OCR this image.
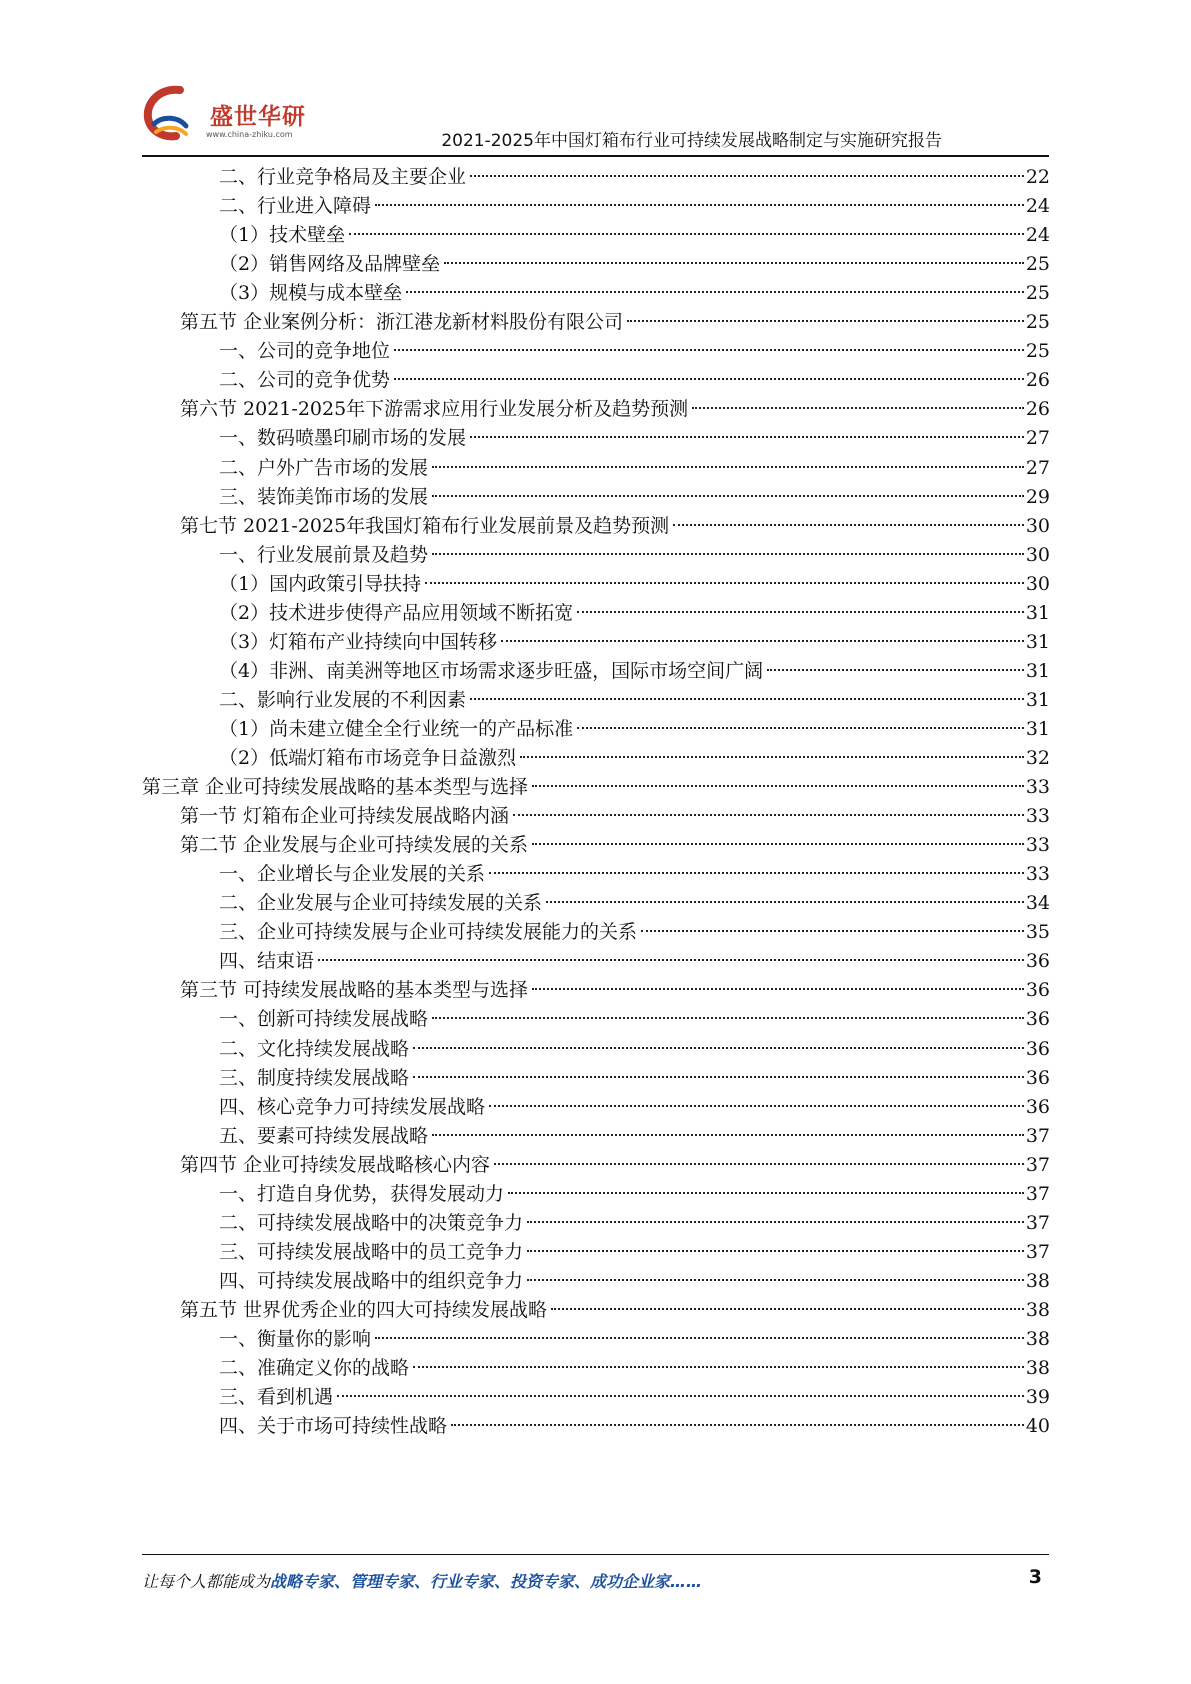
盛世华研
www.china-zhiku.com	2021-2025年中国灯箱布行业可持续发展战略制定与实施研究报告
二、行业竞争格局及主要企业	22
二、行业进入障碍	24
（1）技术壁垒	24
（2）销售网络及品牌壁垒	25
（3）规模与成本壁垒	25
第五节 企业案例分析：浙江港龙新材料股份有限公司	25
一、公司的竞争地位	25
二、公司的竞争优势	26
第六节 2021-2025年下游需求应用行业发展分析及趋势预测	26
一、数码喷墨印刷市场的发展	27
二、户外广告市场的发展	27
三、装饰美饰市场的发展	29
第七节 2021-2025年我国灯箱布行业发展前景及趋势预测	30
一、行业发展前景及趋势	30
（1）国内政策引导扶持	30
（2）技术进步使得产品应用领域不断拓宽	31
（3）灯箱布产业持续向中国转移	31
（4）非洲、南美洲等地区市场需求逐步旺盛，国际市场空间广阔	31
二、影响行业发展的不利因素	31
（1）尚未建立健全全行业统一的产品标准	31
（2）低端灯箱布市场竞争日益激烈	32
第三章 企业可持续发展战略的基本类型与选择	33
第一节 灯箱布企业可持续发展战略内涵	33
第二节 企业发展与企业可持续发展的关系	33
一、企业增长与企业发展的关系	33
二、企业发展与企业可持续发展的关系	34
三、企业可持续发展与企业可持续发展能力的关系	35
四、结束语	36
第三节 可持续发展战略的基本类型与选择	36
一、创新可持续发展战略	36
二、文化持续发展战略	36
三、制度持续发展战略	36
四、核心竞争力可持续发展战略	36
五、要素可持续发展战略	37
第四节 企业可持续发展战略核心内容	37
一、打造自身优势，获得发展动力	37
二、可持续发展战略中的决策竞争力	37
三、可持续发展战略中的员工竞争力	37
四、可持续发展战略中的组织竞争力	38
第五节 世界优秀企业的四大可持续发展战略	38
一、衡量你的影响	38
二、准确定义你的战略	38
三、看到机遇	39
四、关于市场可持续性战略	40
让每个人都能成为战略专家、管理专家、行业专家、投资专家、成功企业家……	3
